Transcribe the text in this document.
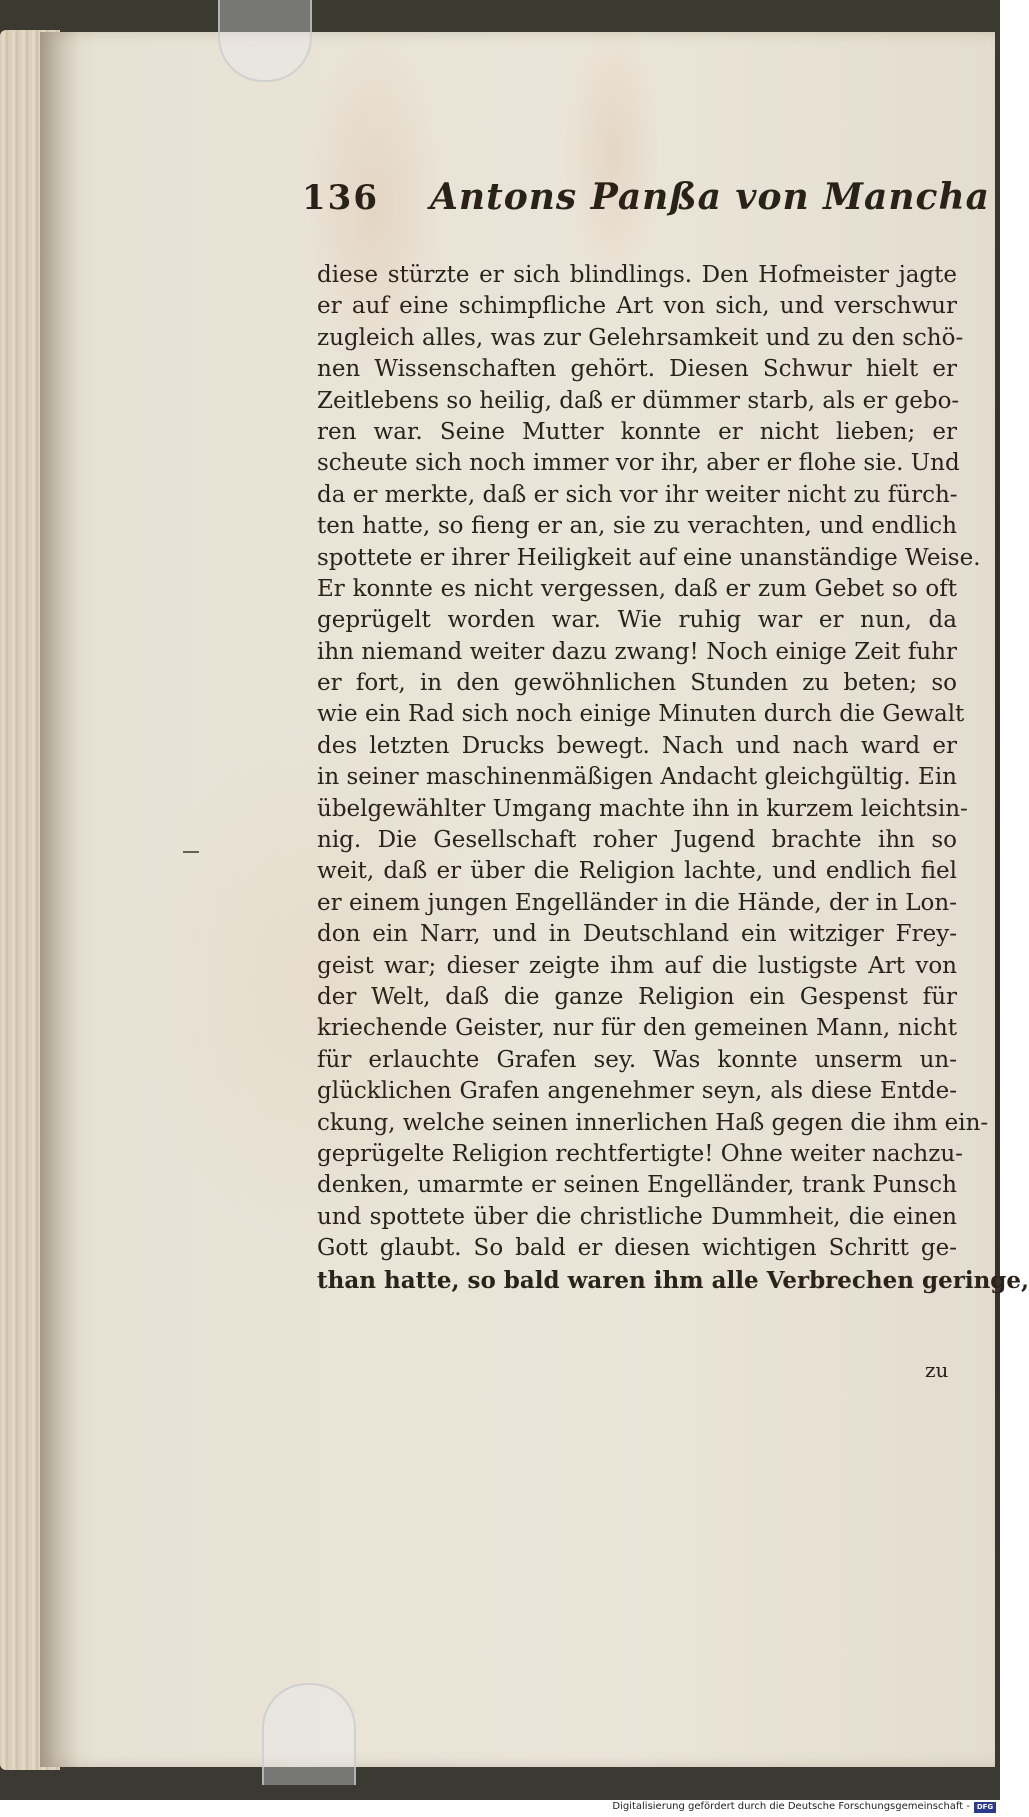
136 Antons Panßa von Mancha
diese stürzte er sich blindlings. Den Hofmeister jagte
er auf eine schimpfliche Art von sich, und verschwur
zugleich alles, was zur Gelehrsamkeit und zu den schö-
nen Wissenschaften gehört. Diesen Schwur hielt er
Zeitlebens so heilig, daß er dümmer starb, als er gebo-
ren war. Seine Mutter konnte er nicht lieben; er
scheute sich noch immer vor ihr, aber er flohe sie. Und
da er merkte, daß er sich vor ihr weiter nicht zu fürch-
ten hatte, so fieng er an, sie zu verachten, und endlich
spottete er ihrer Heiligkeit auf eine unanständige Weise.
Er konnte es nicht vergessen, daß er zum Gebet so oft
geprügelt worden war. Wie ruhig war er nun, da
ihn niemand weiter dazu zwang! Noch einige Zeit fuhr
er fort, in den gewöhnlichen Stunden zu beten; so
wie ein Rad sich noch einige Minuten durch die Gewalt
des letzten Drucks bewegt. Nach und nach ward er
in seiner maschinenmäßigen Andacht gleichgültig. Ein
übelgewählter Umgang machte ihn in kurzem leichtsin-
nig. Die Gesellschaft roher Jugend brachte ihn so
weit, daß er über die Religion lachte, und endlich fiel
er einem jungen Engelländer in die Hände, der in Lon-
don ein Narr, und in Deutschland ein witziger Frey-
geist war; dieser zeigte ihm auf die lustigste Art von
der Welt, daß die ganze Religion ein Gespenst für
kriechende Geister, nur für den gemeinen Mann, nicht
für erlauchte Grafen sey. Was konnte unserm un-
glücklichen Grafen angenehmer seyn, als diese Entde-
ckung, welche seinen innerlichen Haß gegen die ihm ein-
geprügelte Religion rechtfertigte! Ohne weiter nachzu-
denken, umarmte er seinen Engelländer, trank Punsch
und spottete über die christliche Dummheit, die einen
Gott glaubt. So bald er diesen wichtigen Schritt ge-
than hatte, so bald waren ihm alle Verbrechen geringe,
zu
Digitalisierung gefördert durch die Deutsche Forschungsgemeinschaft - DFG
